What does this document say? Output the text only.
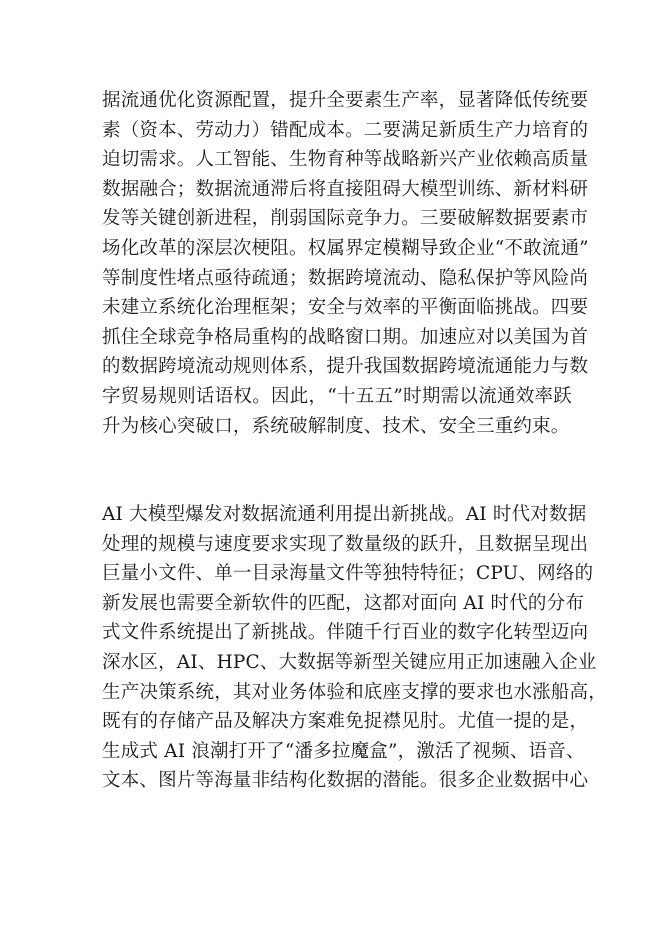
据流通优化资源配置，提升全要素生产率，显著降低传统要
素（资本、劳动力）错配成本。二要满足新质生产力培育的
迫切需求。人工智能、生物育种等战略新兴产业依赖高质量
数据融合；数据流通滞后将直接阻碍大模型训练、新材料研
发等关键创新进程，削弱国际竞争力。三要破解数据要素市
场化改革的深层次梗阻。权属界定模糊导致企业“不敢流通”
等制度性堵点亟待疏通；数据跨境流动、隐私保护等风险尚
未建立系统化治理框架；安全与效率的平衡面临挑战。四要
抓住全球竞争格局重构的战略窗口期。加速应对以美国为首
的数据跨境流动规则体系，提升我国数据跨境流通能力与数
字贸易规则话语权。因此，“十五五”时期需以流通效率跃
升为核心突破口，系统破解制度、技术、安全三重约束。
AI 大模型爆发对数据流通利用提出新挑战。AI 时代对数据
处理的规模与速度要求实现了数量级的跃升，且数据呈现出
巨量小文件、单一目录海量文件等独特特征；CPU、网络的
新发展也需要全新软件的匹配，这都对面向 AI 时代的分布
式文件系统提出了新挑战。伴随千行百业的数字化转型迈向
深水区，AI、HPC、大数据等新型关键应用正加速融入企业
生产决策系统，其对业务体验和底座支撑的要求也水涨船高，
既有的存储产品及解决方案难免捉襟见肘。尤值一提的是，
生成式 AI 浪潮打开了“潘多拉魔盒”，激活了视频、语音、
文本、图片等海量非结构化数据的潜能。很多企业数据中心
